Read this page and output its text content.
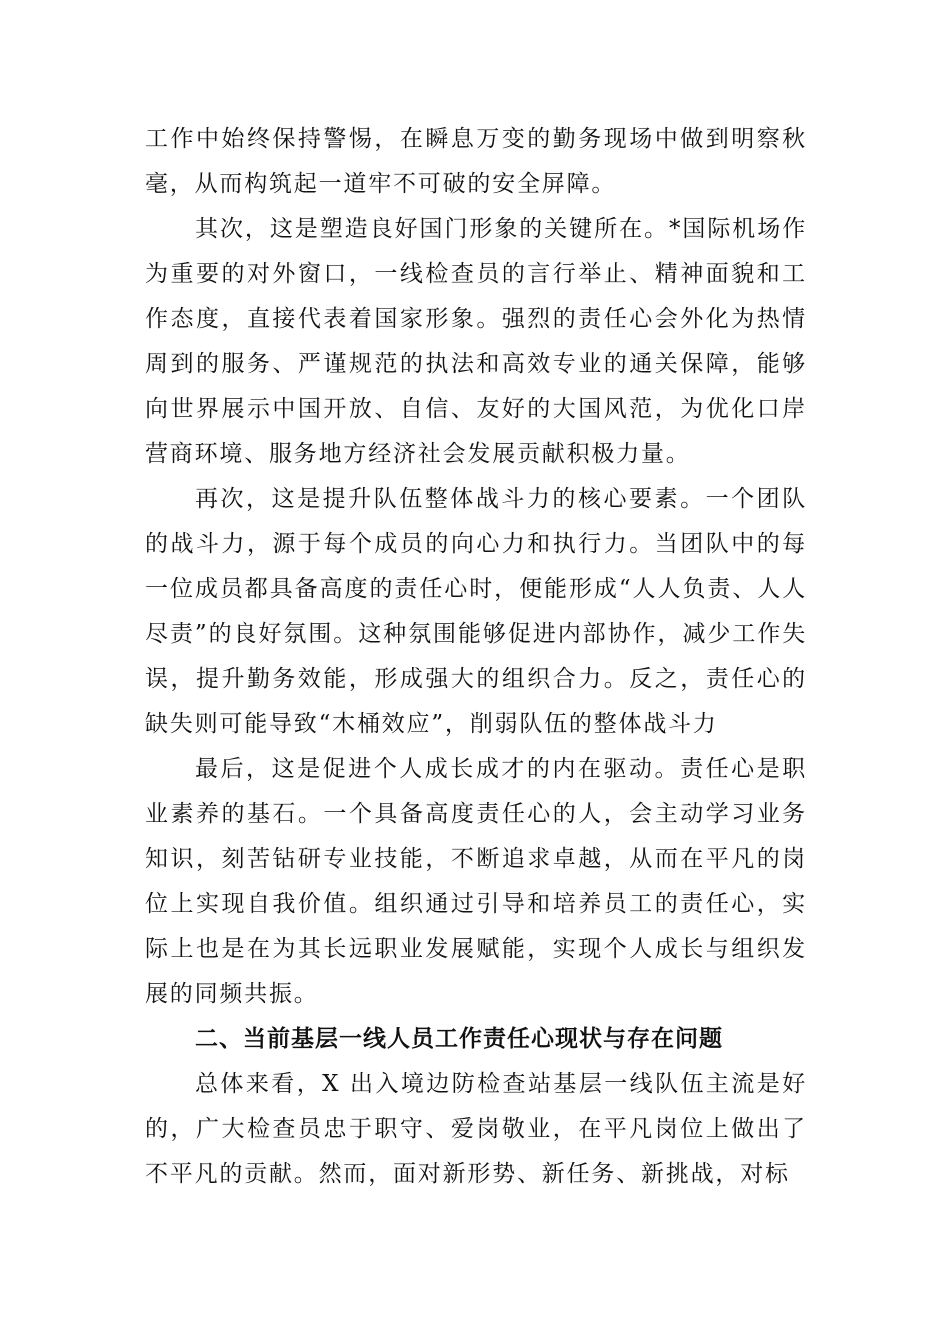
工作中始终保持警惕，在瞬息万变的勤务现场中做到明察秋毫，从而构筑起一道牢不可破的安全屏障。

其次，这是塑造良好国门形象的关键所在。*国际机场作为重要的对外窗口，一线检查员的言行举止、精神面貌和工作态度，直接代表着国家形象。强烈的责任心会外化为热情周到的服务、严谨规范的执法和高效专业的通关保障，能够向世界展示中国开放、自信、友好的大国风范，为优化口岸营商环境、服务地方经济社会发展贡献积极力量。

再次，这是提升队伍整体战斗力的核心要素。一个团队的战斗力，源于每个成员的向心力和执行力。当团队中的每一位成员都具备高度的责任心时，便能形成“人人负责、人人尽责”的良好氛围。这种氛围能够促进内部协作，减少工作失误，提升勤务效能，形成强大的组织合力。反之，责任心的缺失则可能导致“木桶效应”，削弱队伍的整体战斗力

最后，这是促进个人成长成才的内在驱动。责任心是职业素养的基石。一个具备高度责任心的人，会主动学习业务知识，刻苦钻研专业技能，不断追求卓越，从而在平凡的岗位上实现自我价值。组织通过引导和培养员工的责任心，实际上也是在为其长远职业发展赋能，实现个人成长与组织发展的同频共振。

二、当前基层一线人员工作责任心现状与存在问题

总体来看，X 出入境边防检查站基层一线队伍主流是好的，广大检查员忠于职守、爱岗敬业，在平凡岗位上做出了不平凡的贡献。然而，面对新形势、新任务、新挑战，对标
